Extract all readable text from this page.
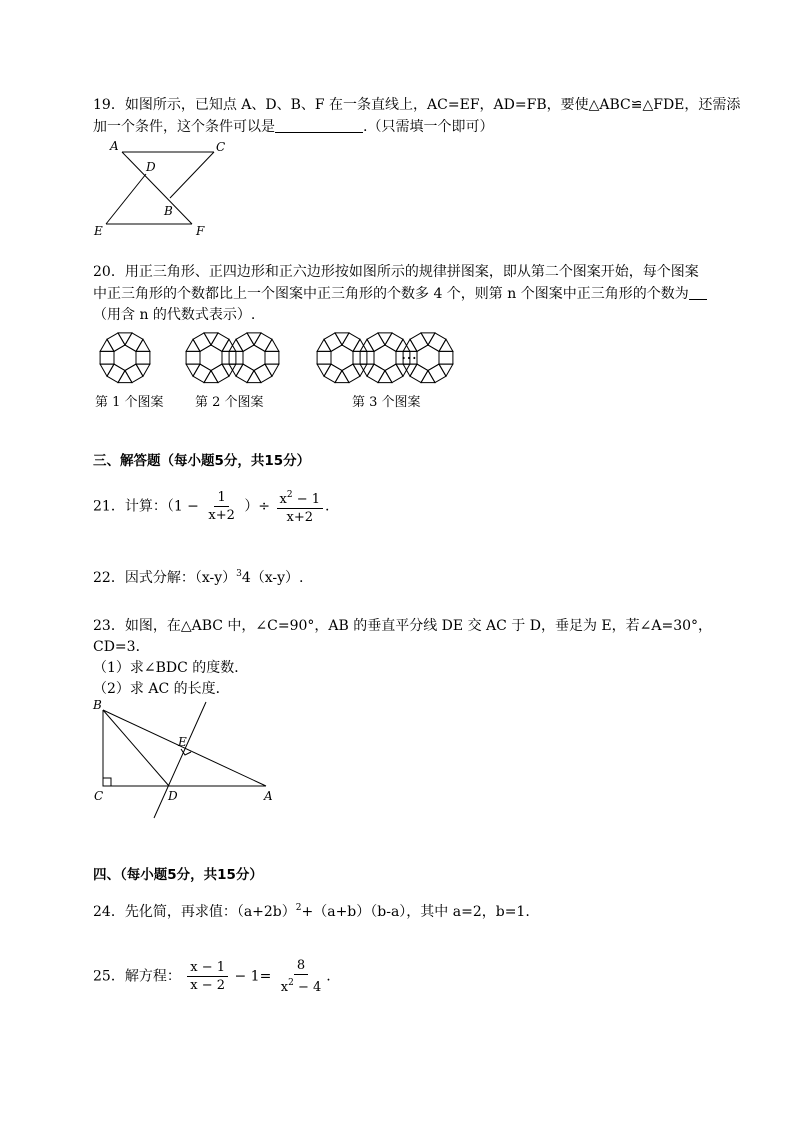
19．如图所示，已知点 A、D、B、F 在一条直线上，AC=EF，AD=FB，要使△ABC≌△FDE，还需添
加一个条件，这个条件可以是	.（只需填一个即可）
A	C
D
B
E	F
20．用正三角形、正四边形和正六边形按如图所示的规律拼图案，即从第二个图案开始，每个图案
中正三角形的个数都比上一个图案中正三角形的个数多 4 个，则第 n 个图案中正三角形的个数为
（用含 n 的代数式表示）.
…
第 1 个图案 第 2 个图案	第 3 个图案
三、解答题（每小题5分，共15分）
21．计算：（$1 - \frac{1}{x+2}$ ）÷ $\frac{x^2 - 1}{x+2}$ .
22．因式分解：$(x-y)^34(x-y)$.
23．如图，在△ABC 中，∠C=90°，AB 的垂直平分线 DE 交 AC 于 D，垂足为 E，若∠A=30°，
CD=3．
（1）求∠BDC 的度数．
（2）求 AC 的长度．
B
E
C	D	A
四、（每小题5分，共15分）
24．先化简，再求值：$(a+2b)^2+(a+b)(b-a)$，其中 a=2，b=1.
25．解方程： $\frac{x - 1}{x - 2} - 1= \frac{8}{x^2 - 4}$ .
